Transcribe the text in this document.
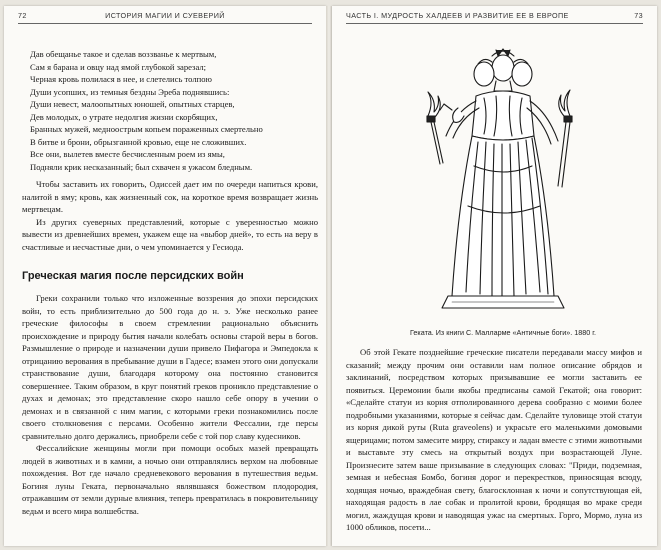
72	ИСТОРИЯ МАГИИ И СУЕВЕРИЙ
Дав обещанье такое и сделав воззванье к мертвым,
Сам я барана и овцу над ямой глубокой зарезал;
Черная кровь полилася в нее, и слетелись толпою
Души усопших, из темныя бездны Эреба поднявшись:
Души невест, малоопытных юношей, опытных старцев,
Дев молодых, о утрате недолгия жизни скорбящих,
Бранных мужей, медноострым копьем пораженных смертельно
В битве и брони, обрызганной кровью, еще не сложивших.
Все они, вылетев вместе бесчисленным роем из ямы,
Подняли крик несказанный; был схвачен я ужасом бледным.

Чтобы заставить их говорить, Одиссей дает им по очереди напиться крови, налитой в яму; кровь, как жизненный сок, на короткое время возвращает жизнь мертвецам.

Из других суеверных представлений, которые с уверенностью можно вывести из древнейших времен, укажем еще на «выбор дней», то есть на веру в счастливые и несчастные дни, о чем упоминается у Гесиода.

Греческая магия после персидских войн

Греки сохранили только что изложенные воззрения до эпохи персидских войн, то есть приблизительно до 500 года до н. э. Уже несколько ранее греческие философы в своем стремлении рационально объяснить происхождение и природу бытия начали колебать основы старой веры в богов. Размышление о природе и назначении души привело Пифагора и Эмпедокла к отрицанию верования в пребывание души в Гадесе; взамен этого они допускали странствование души, благодаря которому она постоянно становится совершеннее. Таким образом, в круг понятий греков проникло представление о духах и демонах; это представление скоро нашло себе опору в учении о демонах и в связанной с ним магии, с которыми греки познакомились после своего столкновения с персами. Особенно жители Фессалии, где персы сравнительно долго держались, приобрели себе с той пор славу кудесников.

Фессалийские женщины могли при помощи особых мазей превращать людей в животных и в камни, а ночью они отправлялись верхом на любовные похождения. Вот где начало средневекового верования в путешествия ведьм. Богиня луны Геката, первоначально являвшаяся божеством плодородия, отражавшим от земли дурные влияния, теперь превратилась в покровительницу ведьм и всего мира волшебства.

ЧАСТЬ I. МУДРОСТЬ ХАЛДЕЕВ И РАЗВИТИЕ ЕЕ В ЕВРОПЕ	73
Геката. Из книги С. Маллармe «Античные боги». 1880 г.

Об этой Гекате позднейшие греческие писатели передавали массу мифов и сказаний; между прочим они оставили нам полное описание обрядов и заклинаний, посредством которых призывавшие ее могли заставить ее появиться. Церемонии были якобы предписаны самой Гекатой; она говорит: «Сделайте статуи из корня отполированного дерева сообразно с моими более подробными указаниями, которые я сейчас дам. Сделайте туловище этой статуи из корня дикой руты (Ruta graveolens) и украсьте его маленькими домовыми ящерицами; потом замесите мирру, стираксу и ладан вместе с этими животными и выставьте эту смесь на открытый воздух при возрастающей Луне. Произнесите затем ваше призывание в следующих словах: "Приди, подземная, земная и небесная Бомбо, богиня дорог и перекрестков, приносящая всюду, ходящая ночью, враждебная свету, благосклонная к ночи и сопутствующая ей, находящая радость в лае собак и пролитой крови, бродящая во мраке среди могил, жаждущая крови и наводящая ужас на смертных. Горго, Мормо, луна из 1000 обликов, посети...
